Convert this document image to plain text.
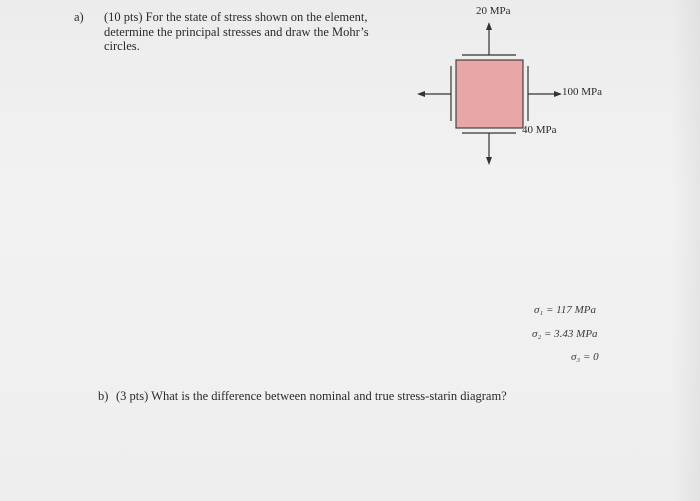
a) (10 pts) For the state of stress shown on the element, determine the principal stresses and draw the Mohr’s circles.
20 MPa
100 MPa
40 MPa
σ₁ = 117 MPa
σ₂ = 3.43 MPa
σ₃ = 0
b) (3 pts) What is the difference between nominal and true stress-starin diagram?
